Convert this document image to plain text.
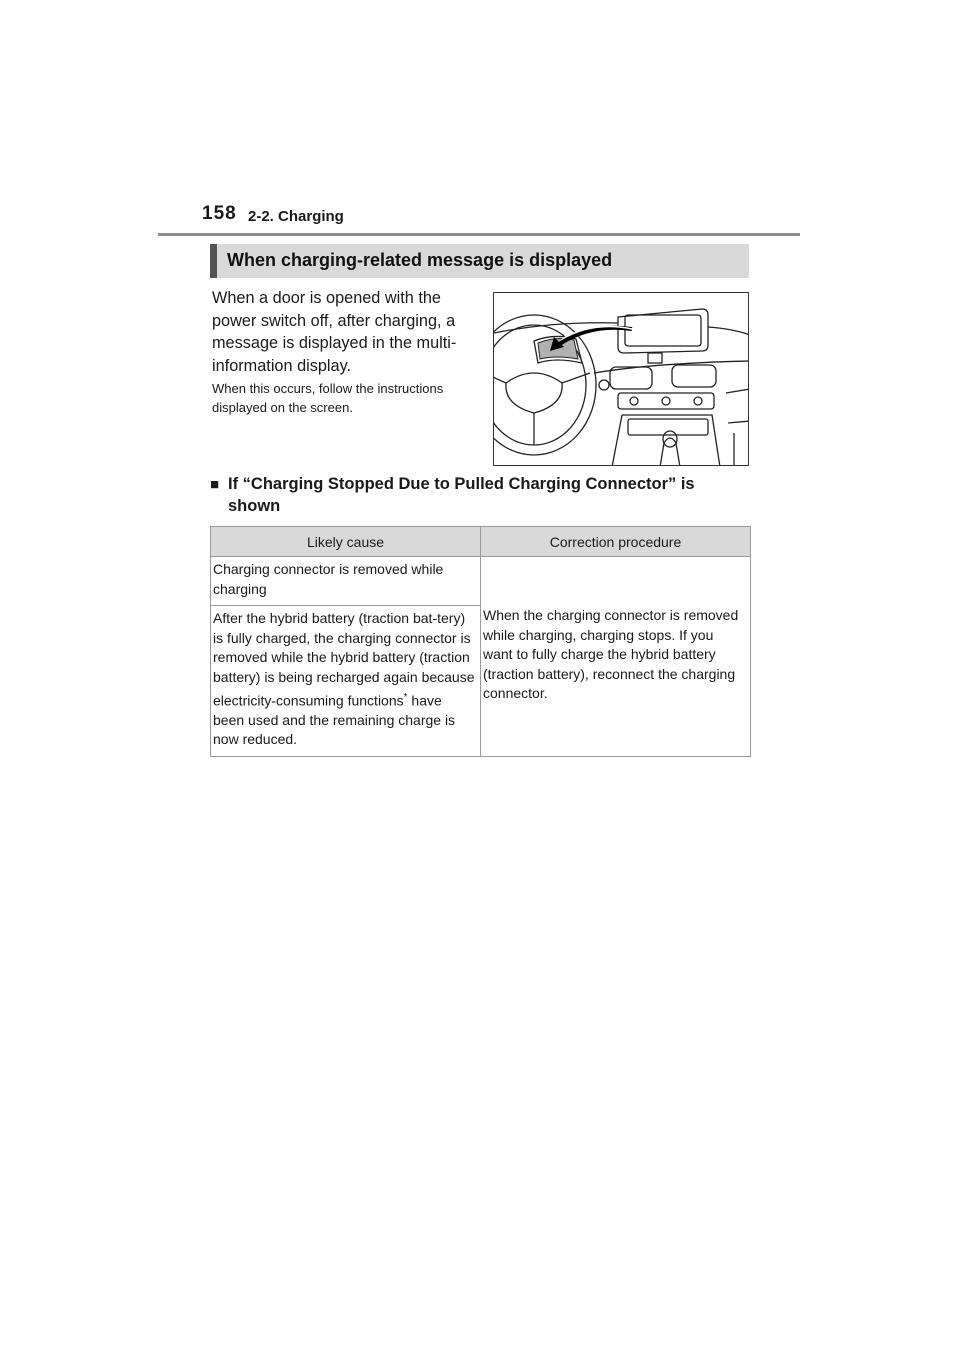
158 2-2. Charging
When charging-related message is displayed
When a door is opened with the power switch off, after charging, a message is displayed in the multi-information display.
When this occurs, follow the instructions displayed on the screen.
■ If “Charging Stopped Due to Pulled Charging Connector” is shown
Likely cause	Correction procedure
Charging connector is removed while charging	When the charging connector is removed while charging, charging stops. If you want to fully charge the hybrid battery (traction battery), reconnect the charging connector.
After the hybrid battery (traction bat-tery) is fully charged, the charging connector is removed while the hybrid battery (traction battery) is being recharged again because electricity-consuming functions* have been used and the remaining charge is now reduced.	
